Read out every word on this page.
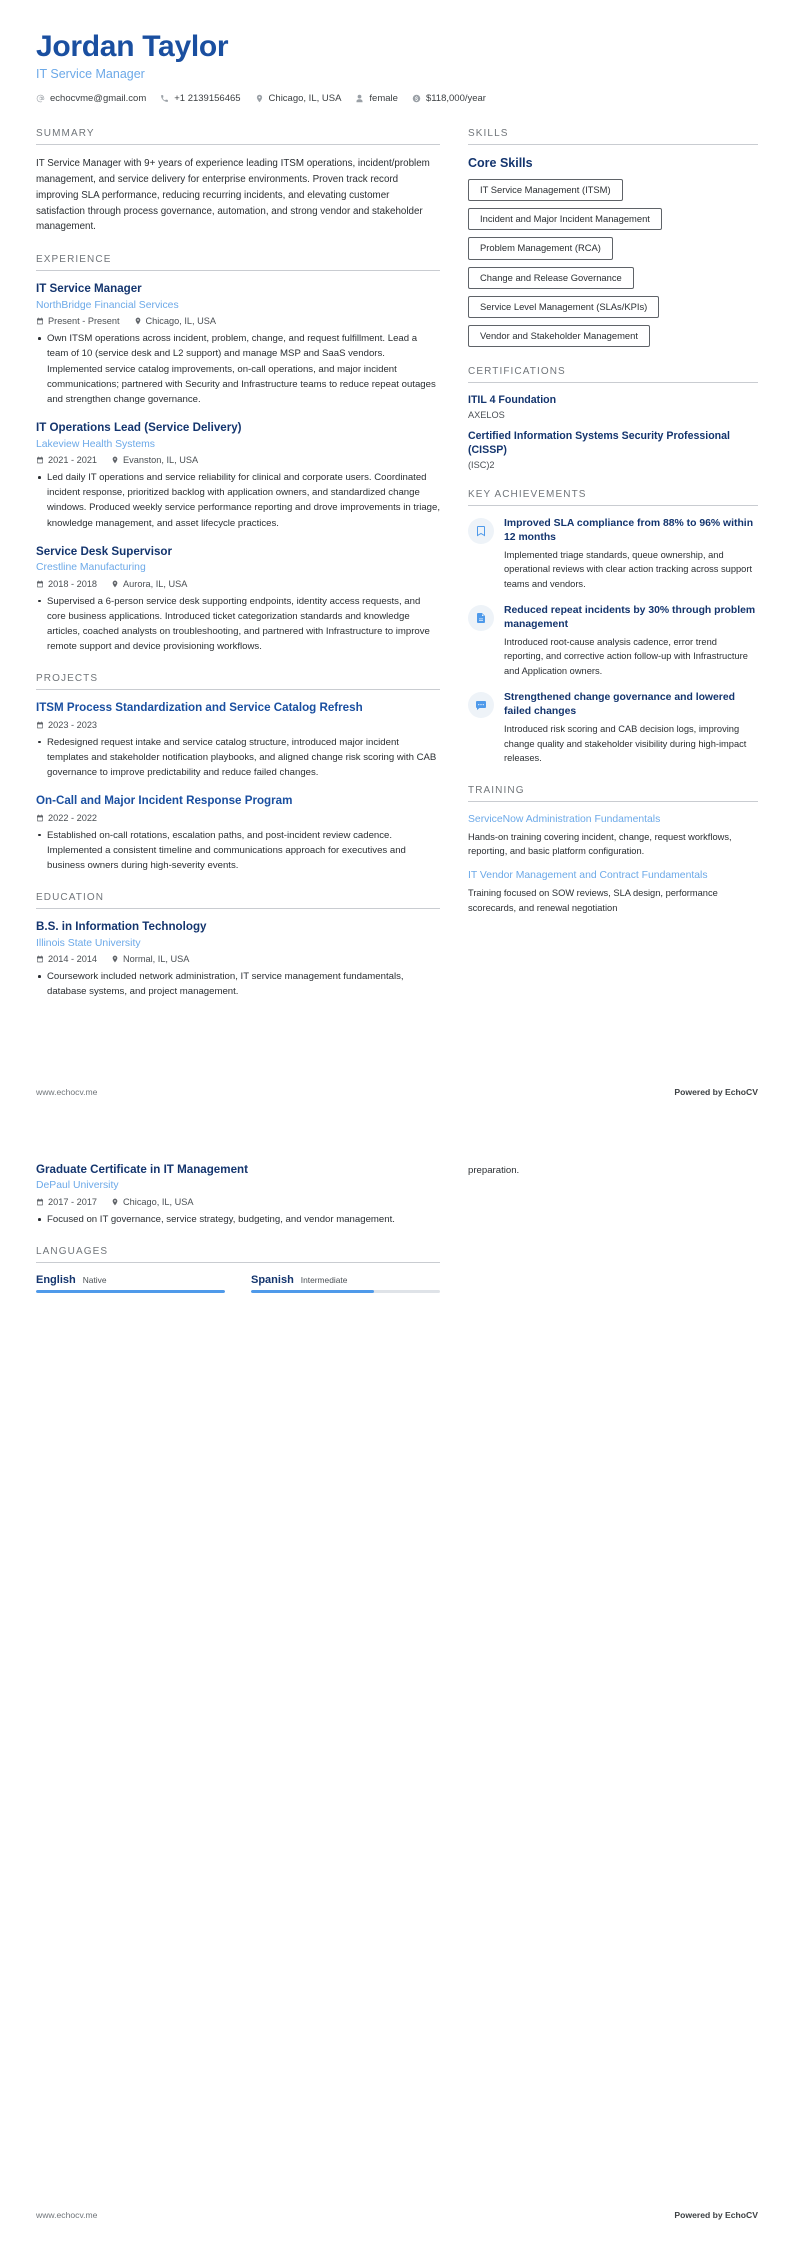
Jordan Taylor
IT Service Manager
echocvme@gmail.com	+1 2139156465	Chicago, IL, USA	female	$118,000/year
SUMMARY
IT Service Manager with 9+ years of experience leading ITSM operations, incident/problem management, and service delivery for enterprise environments. Proven track record improving SLA performance, reducing recurring incidents, and elevating customer satisfaction through process governance, automation, and strong vendor and stakeholder management.
EXPERIENCE
IT Service Manager
NorthBridge Financial Services
Present - Present	Chicago, IL, USA
Own ITSM operations across incident, problem, change, and request fulfillment. Lead a team of 10 (service desk and L2 support) and manage MSP and SaaS vendors. Implemented service catalog improvements, on-call operations, and major incident communications; partnered with Security and Infrastructure teams to reduce repeat outages and strengthen change governance.
IT Operations Lead (Service Delivery)
Lakeview Health Systems
2021 - 2021	Evanston, IL, USA
Led daily IT operations and service reliability for clinical and corporate users. Coordinated incident response, prioritized backlog with application owners, and standardized change windows. Produced weekly service performance reporting and drove improvements in triage, knowledge management, and asset lifecycle practices.
Service Desk Supervisor
Crestline Manufacturing
2018 - 2018	Aurora, IL, USA
Supervised a 6-person service desk supporting endpoints, identity access requests, and core business applications. Introduced ticket categorization standards and knowledge articles, coached analysts on troubleshooting, and partnered with Infrastructure to improve remote support and device provisioning workflows.
PROJECTS
ITSM Process Standardization and Service Catalog Refresh
2023 - 2023
Redesigned request intake and service catalog structure, introduced major incident templates and stakeholder notification playbooks, and aligned change risk scoring with CAB governance to improve predictability and reduce failed changes.
On-Call and Major Incident Response Program
2022 - 2022
Established on-call rotations, escalation paths, and post-incident review cadence. Implemented a consistent timeline and communications approach for executives and business owners during high-severity events.
EDUCATION
B.S. in Information Technology
Illinois State University
2014 - 2014	Normal, IL, USA
Coursework included network administration, IT service management fundamentals, database systems, and project management.
SKILLS
Core Skills
IT Service Management (ITSM)
Incident and Major Incident Management
Problem Management (RCA)
Change and Release Governance
Service Level Management (SLAs/KPIs)
Vendor and Stakeholder Management
CERTIFICATIONS
ITIL 4 Foundation
AXELOS
Certified Information Systems Security Professional (CISSP)
(ISC)2
KEY ACHIEVEMENTS
Improved SLA compliance from 88% to 96% within 12 months
Implemented triage standards, queue ownership, and operational reviews with clear action tracking across support teams and vendors.
Reduced repeat incidents by 30% through problem management
Introduced root-cause analysis cadence, error trend reporting, and corrective action follow-up with Infrastructure and Application owners.
Strengthened change governance and lowered failed changes
Introduced risk scoring and CAB decision logs, improving change quality and stakeholder visibility during high-impact releases.
TRAINING
ServiceNow Administration Fundamentals
Hands-on training covering incident, change, request workflows, reporting, and basic platform configuration.
IT Vendor Management and Contract Fundamentals
Training focused on SOW reviews, SLA design, performance scorecards, and renewal negotiation
www.echocv.me	Powered by EchoCV
Graduate Certificate in IT Management
DePaul University
2017 - 2017	Chicago, IL, USA
Focused on IT governance, service strategy, budgeting, and vendor management.
LANGUAGES
English Native	Spanish Intermediate
preparation.
www.echocv.me	Powered by EchoCV
